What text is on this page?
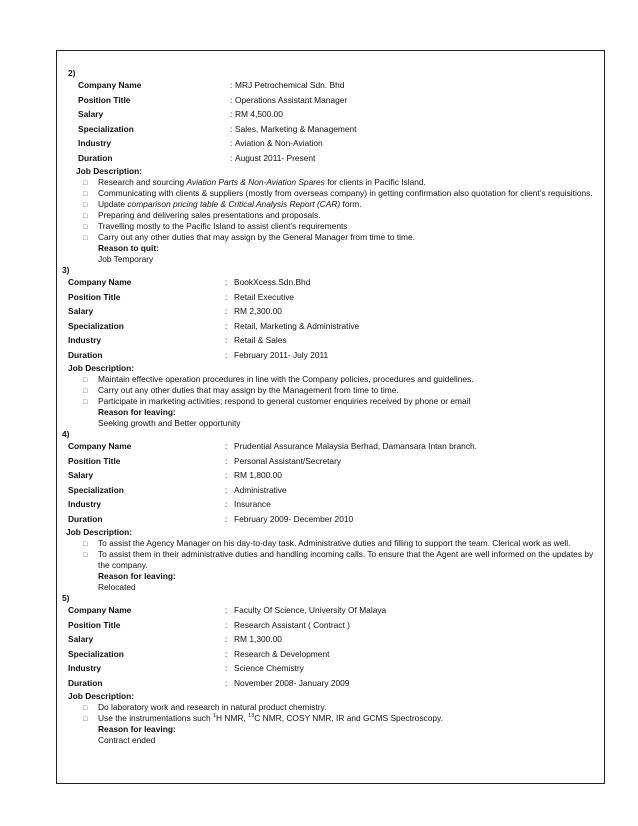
2)
Company Name	: MRJ Petrochemical Sdn. Bhd
Position Title	: Operations Assistant Manager
Salary	: RM 4,500.00
Specialization	: Sales, Marketing & Management
Industry	: Aviation & Non-Aviation
Duration	: August 2011- Present
Job Description:
□ Research and sourcing Aviation Parts & Non-Aviation Spares for clients in Pacific Island.
□ Communicating with clients & suppliers (mostly from overseas company) in getting confirmation also quotation for client’s requisitions.
□ Update comparison pricing table & Critical Analysis Report (CAR) form.
□ Preparing and delivering sales presentations and proposals.
□ Travelling mostly to the Pacific Island to assist client’s requirements
□ Carry out any other duties that may assign by the General Manager from time to time.
Reason to quit:
Job Temporary
3)
Company Name	: BookXcess.Sdn.Bhd
Position Title	: Retail Executive
Salary	: RM 2,300.00
Specialization	: Retail, Marketing & Administrative
Industry	: Retail & Sales
Duration	: February 2011- July 2011
Job Description:
□ Maintain effective operation procedures in line with the Company policies, procedures and guidelines.
□ Carry out any other duties that may assign by the Management from time to time.
□ Participate in marketing activities; respond to general customer enquiries received by phone or email
Reason for leaving:
Seeking growth and Better opportunity
4)
Company Name	: Prudential Assurance Malaysia Berhad, Damansara Intan branch.
Position Title	: Personal Assistant/Secretary
Salary	: RM 1,800.00
Specialization	: Administrative
Industry	: Insurance
Duration	: February 2009- December 2010
Job Description:
□ To assist the Agency Manager on his day-to-day task. Administrative duties and filling to support the team. Clerical work as well.
□ To assist them in their administrative duties and handling incoming calls. To ensure that the Agent are well informed on the updates by the company.
Reason for leaving:
Relocated
5)
Company Name	: Faculty Of Science, University Of Malaya
Position Title	: Research Assistant ( Contract )
Salary	: RM 1,300.00
Specialization	: Research & Development
Industry	: Science Chemistry
Duration	: November 2008- January 2009
Job Description:
□ Do laboratory work and research in natural product chemistry.
□ Use the instrumentations such $^1$H NMR, $^{13}$C NMR, COSY NMR, IR and GCMS Spectroscopy.
Reason for leaving:
Contract ended
